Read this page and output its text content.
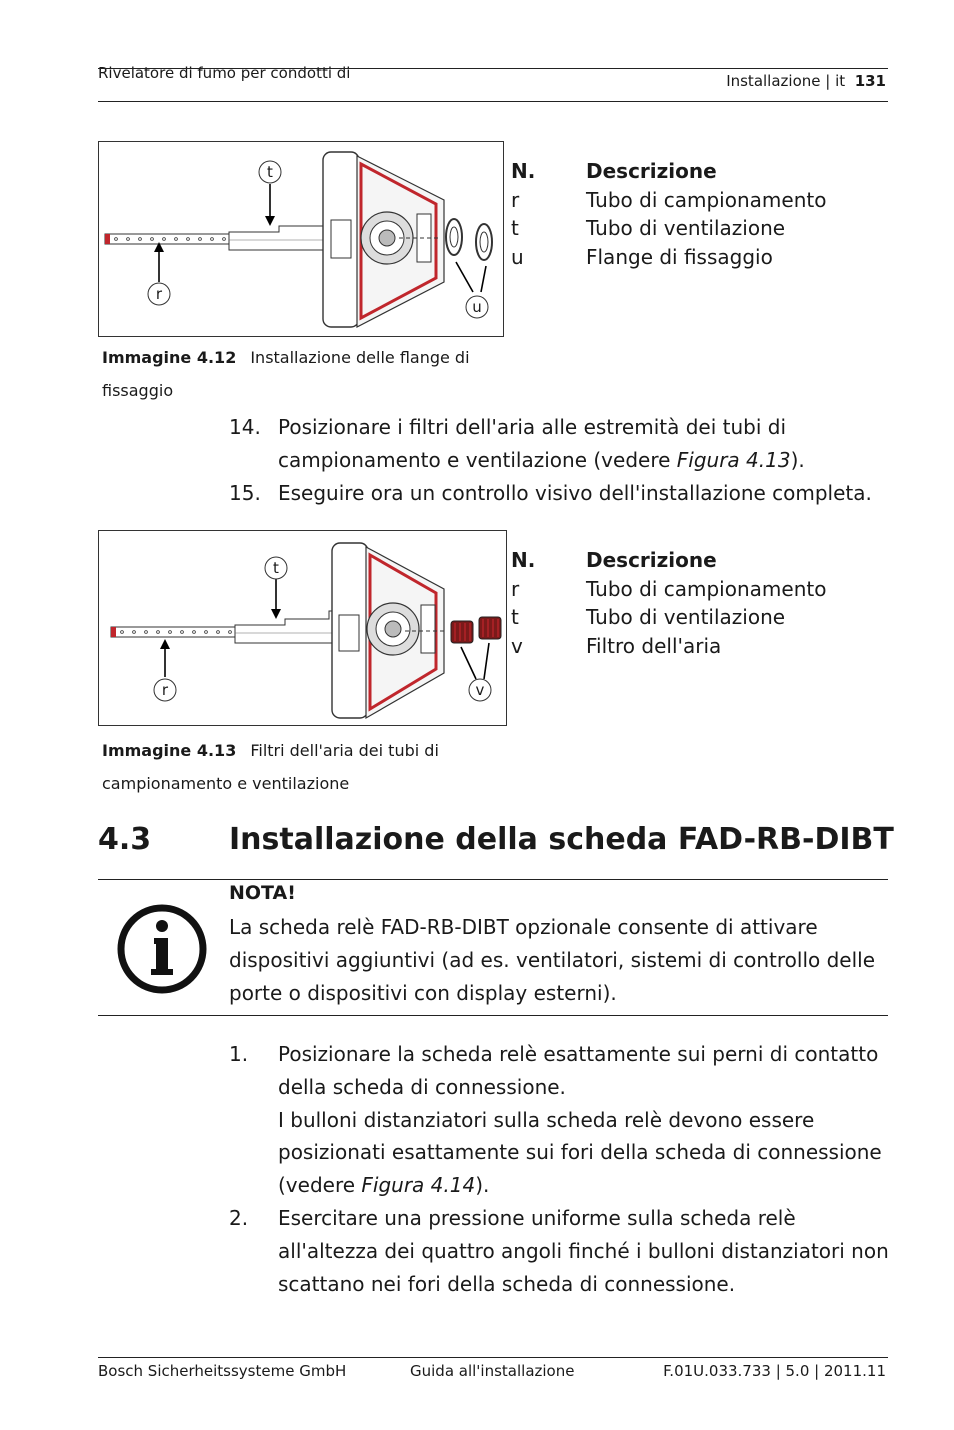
Rivelatore di fumo per condotti di	Installazione | it 131
t
r
u
N.	Descrizione
r	Tubo di campionamento
t	Tubo di ventilazione
u	Flange di fissaggio
Immagine 4.12 Installazione delle flange di fissaggio
14. Posizionare i filtri dell'aria alle estremità dei tubi di campionamento e ventilazione (vedere Figura 4.13).
15. Eseguire ora un controllo visivo dell'installazione completa.
t
r	v
N.	Descrizione
r	Tubo di campionamento
t	Tubo di ventilazione
v	Filtro dell'aria
Immagine 4.13 Filtri dell'aria dei tubi di campionamento e ventilazione
4.3	Installazione della scheda FAD-RB-DIBT
NOTA!
La scheda relè FAD-RB-DIBT opzionale consente di attivare dispositivi aggiuntivi (ad es. ventilatori, sistemi di controllo delle porte o dispositivi con display esterni).
1.	Posizionare la scheda relè esattamente sui perni di contatto della scheda di connessione.
I bulloni distanziatori sulla scheda relè devono essere posizionati esattamente sui fori della scheda di connessione (vedere Figura 4.14).
2.	Esercitare una pressione uniforme sulla scheda relè all'altezza dei quattro angoli finché i bulloni distanziatori non scattano nei fori della scheda di connessione.
Bosch Sicherheitssysteme GmbH	Guida all'installazione	F.01U.033.733 | 5.0 | 2011.11
